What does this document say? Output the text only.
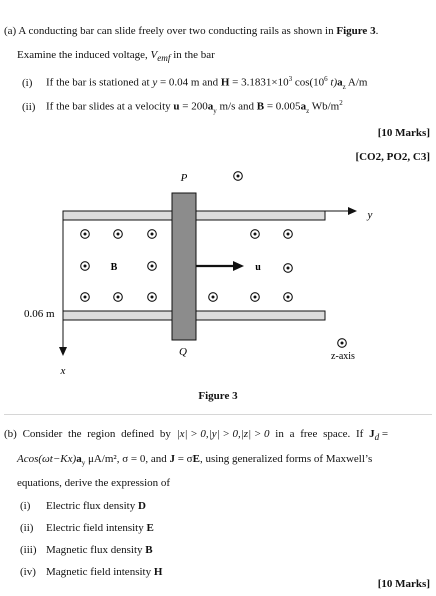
(a) A conducting bar can slide freely over two conducting rails as shown in Figure 3.
Examine the induced voltage, $V_{emf}$ in the bar
(i) If the bar is stationed at y = 0.04 m and $H = 3.1831\times 10^3$ $\cos(10^6$ $t)a_z$ A/m
(ii) If the bar slides at a velocity $u = 200a_y$ m/s and $B = 0.005a_z$ $Wb/m^2$
[10 Marks]
[CO2, PO2, C3]
P
Q
y
x
B	u
0.06 m
z-axis
Figure 3
(b) Consider the region defined by |x| > 0,|y| > 0,|z| > 0 in a free space. If $J_d$ =
$Acos(\omega t-Kx)a_y$ μA/m², σ = 0, and J = σE, using generalized forms of Maxwell’s
equations, derive the expression of
(i) Electric flux density D
(ii) Electric field intensity E
(iii) Magnetic flux density B
(iv) Magnetic field intensity H
[10 Marks]
